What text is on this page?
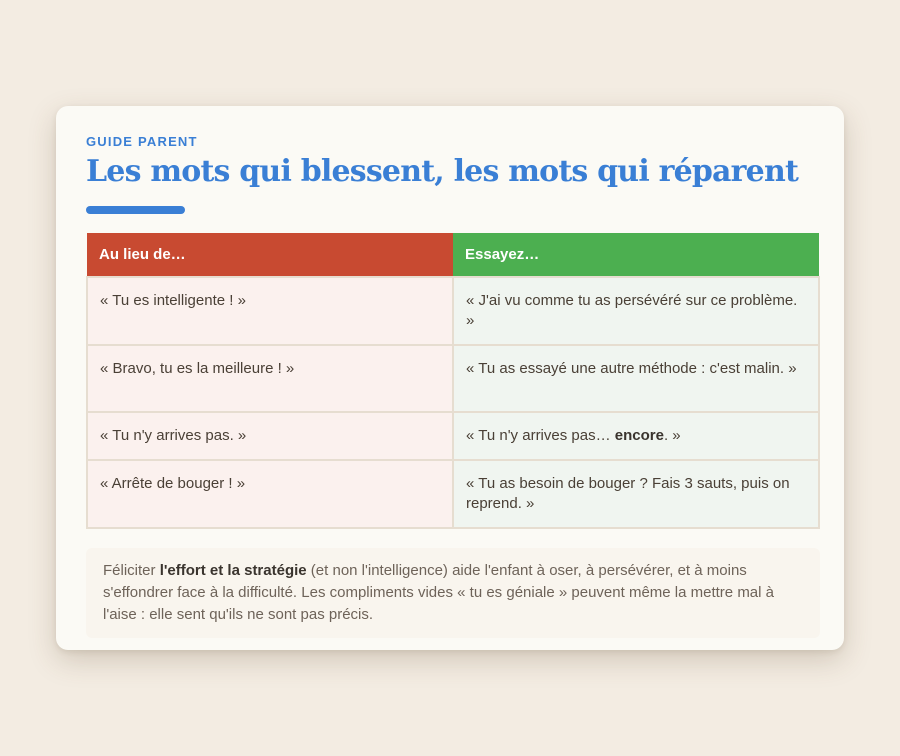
GUIDE PARENT
Les mots qui blessent, les mots qui réparent
Au lieu de…	Essayez…
« Tu es intelligente ! »	« J'ai vu comme tu as persévéré sur ce problème. »
« Bravo, tu es la meilleure ! »	« Tu as essayé une autre méthode : c'est malin. »
« Tu n'y arrives pas. »	« Tu n'y arrives pas… encore. »
« Arrête de bouger ! »	« Tu as besoin de bouger ? Fais 3 sauts, puis on reprend. »
Féliciter l'effort et la stratégie (et non l'intelligence) aide l'enfant à oser, à persévérer, et à moins s'effondrer face à la difficulté. Les compliments vides « tu es géniale » peuvent même la mettre mal à l'aise : elle sent qu'ils ne sont pas précis.
